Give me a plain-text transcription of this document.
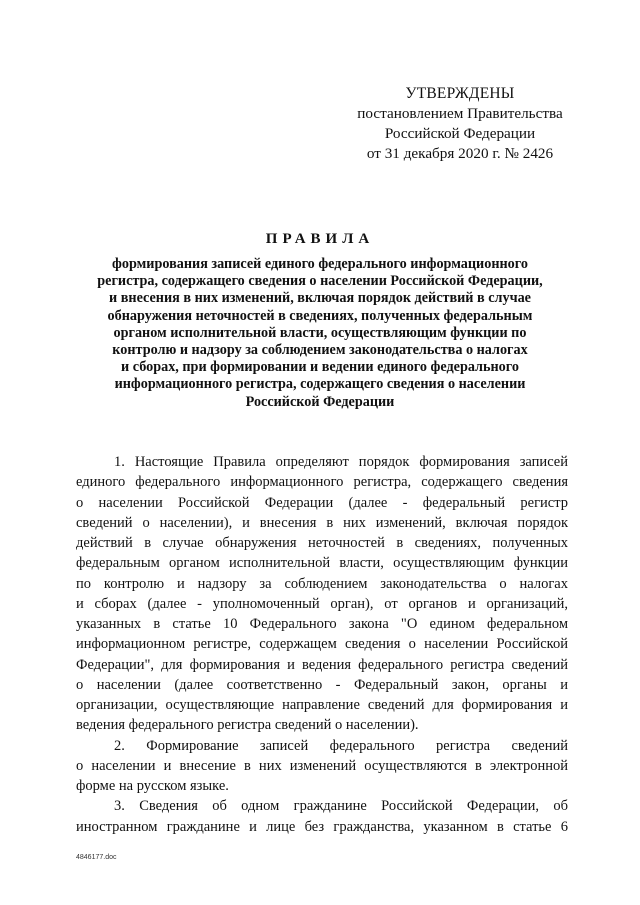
УТВЕРЖДЕНЫ
постановлением Правительства
Российской Федерации
от 31 декабря 2020 г. № 2426
ПРАВИЛА
формирования записей единого федерального информационного
регистра, содержащего сведения о населении Российской Федерации,
и внесения в них изменений, включая порядок действий в случае
обнаружения неточностей в сведениях, полученных федеральным
органом исполнительной власти, осуществляющим функции по
контролю и надзору за соблюдением законодательства о налогах
и сборах, при формировании и ведении единого федерального
информационного регистра, содержащего сведения о населении
Российской Федерации
1. Настоящие Правила определяют порядок формирования записей
единого федерального информационного регистра, содержащего сведения
о населении Российской Федерации (далее - федеральный регистр
сведений о населении), и внесения в них изменений, включая порядок
действий в случае обнаружения неточностей в сведениях, полученных
федеральным органом исполнительной власти, осуществляющим функции
по контролю и надзору за соблюдением законодательства о налогах
и сборах (далее - уполномоченный орган), от органов и организаций,
указанных в статье 10 Федерального закона "О едином федеральном
информационном регистре, содержащем сведения о населении Российской
Федерации", для формирования и ведения федерального регистра сведений
о населении (далее соответственно - Федеральный закон, органы и
организации, осуществляющие направление сведений для формирования и
ведения федерального регистра сведений о населении).
2. Формирование записей федерального регистра сведений
о населении и внесение в них изменений осуществляются в электронной
форме на русском языке.
3. Сведения об одном гражданине Российской Федерации, об
иностранном гражданине и лице без гражданства, указанном в статье 6
4846177.doc
